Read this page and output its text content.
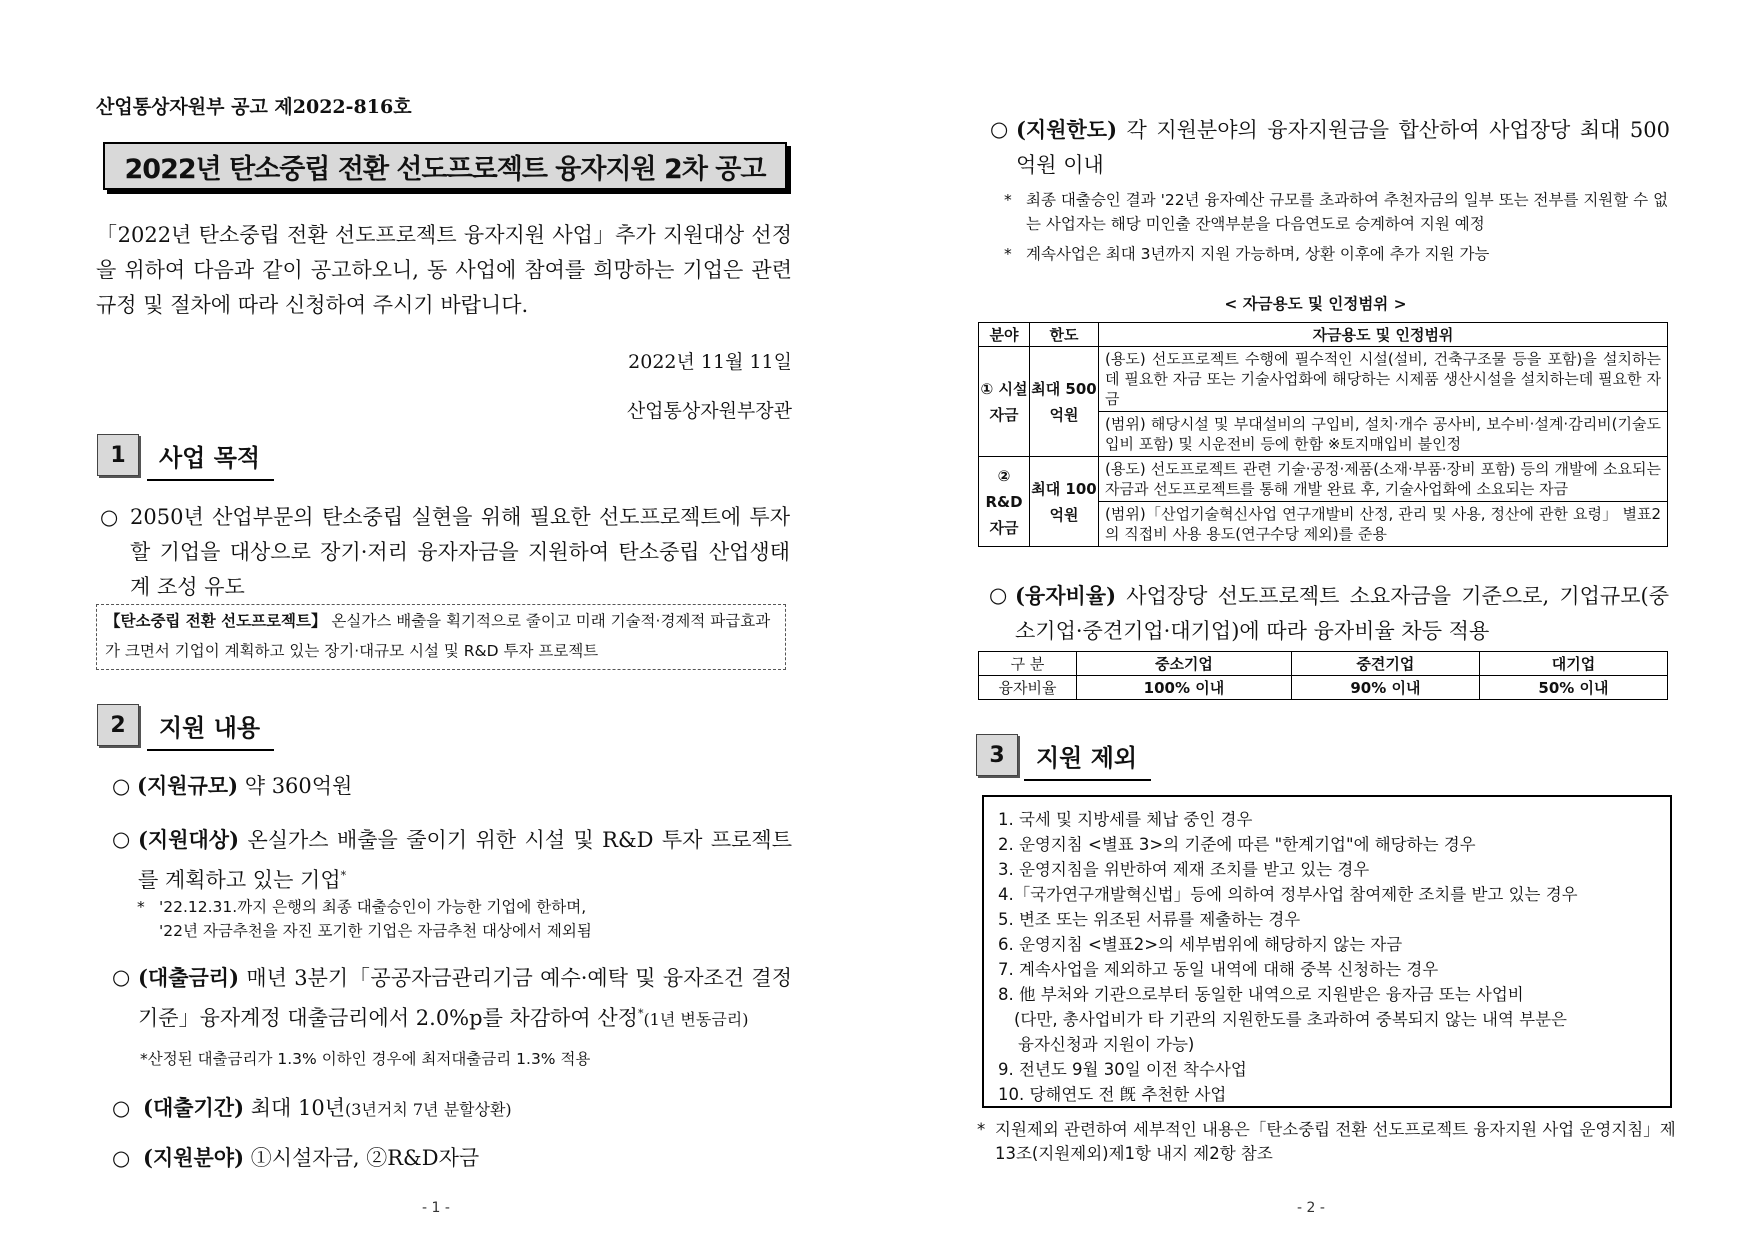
산업통상자원부 공고 제2022-816호
2022년 탄소중립 전환 선도프로젝트 융자지원 2차 공고
「2022년 탄소중립 전환 선도프로젝트 융자지원 사업」추가 지원대상 선정을 위하여 다음과 같이 공고하오니, 동 사업에 참여를 희망하는 기업은 관련 규정 및 절차에 따라 신청하여 주시기 바랍니다.
2022년 11월 11일
산업통상자원부장관
1	사업 목적
○ 2050년 산업부문의 탄소중립 실현을 위해 필요한 선도프로젝트에 투자할 기업을 대상으로 장기·저리 융자자금을 지원하여 탄소중립 산업생태계 조성 유도
【탄소중립 전환 선도프로젝트】 온실가스 배출을 획기적으로 줄이고 미래 기술적·경제적 파급효과가 크면서 기업이 계획하고 있는 장기·대규모 시설 및 R&D 투자 프로젝트
2	지원 내용
○ (지원규모) 약 360억원
○ (지원대상) 온실가스 배출을 줄이기 위한 시설 및 R&D 투자 프로젝트를 계획하고 있는 기업*
* '22.12.31.까지 은행의 최종 대출승인이 가능한 기업에 한하며,
'22년 자금추천을 자진 포기한 기업은 자금추천 대상에서 제외됨
○ (대출금리) 매년 3분기「공공자금관리기금 예수·예탁 및 융자조건 결정기준」융자계정 대출금리에서 2.0%p를 차감하여 산정*(1년 변동금리)
*산정된 대출금리가 1.3% 이하인 경우에 최저대출금리 1.3% 적용
○ (대출기간) 최대 10년(3년거치 7년 분할상환)
○ (지원분야) ①시설자금, ②R&D자금
- 1 -
○ (지원한도) 각 지원분야의 융자지원금을 합산하여 사업장당 최대 500억원 이내
* 최종 대출승인 결과 '22년 융자예산 규모를 초과하여 추천자금의 일부 또는 전부를 지원할 수 없는 사업자는 해당 미인출 잔액부분을 다음연도로 승계하여 지원 예정
* 계속사업은 최대 3년까지 지원 가능하며, 상환 이후에 추가 지원 가능
< 자금용도 및 인정범위 >
분야	한도	자금용도 및 인정범위
① 시설 자금	최대 500억원	(용도) 선도프로젝트 수행에 필수적인 시설(설비, 건축구조물 등을 포함)을 설치하는데 필요한 자금 또는 기술사업화에 해당하는 시제품 생산시설을 설치하는데 필요한 자금
		(범위) 해당시설 및 부대설비의 구입비, 설치·개수 공사비, 보수비·설계·감리비(기술도입비 포함) 및 시운전비 등에 한함 ※토지매입비 불인정
② R&D 자금	최대 100억원	(용도) 선도프로젝트 관련 기술·공정·제품(소재·부품·장비 포함) 등의 개발에 소요되는 자금과 선도프로젝트를 통해 개발 완료 후, 기술사업화에 소요되는 자금
		(범위)「산업기술혁신사업 연구개발비 산정, 관리 및 사용, 정산에 관한 요령」 별표2의 직접비 사용 용도(연구수당 제외)를 준용
○ (융자비율) 사업장당 선도프로젝트 소요자금을 기준으로, 기업규모(중소기업·중견기업·대기업)에 따라 융자비율 차등 적용
구 분	중소기업	중견기업	대기업
융자비율	100% 이내	90% 이내	50% 이내
3	지원 제외
- 2 -
1. 국세 및 지방세를 체납 중인 경우
2. 운영지침 <별표 3>의 기준에 따른 "한계기업"에 해당하는 경우
3. 운영지침을 위반하여 제재 조치를 받고 있는 경우
4.「국가연구개발혁신법」등에 의하여 정부사업 참여제한 조치를 받고 있는 경우
5. 변조 또는 위조된 서류를 제출하는 경우
6. 운영지침 <별표2>의 세부범위에 해당하지 않는 자금
7. 계속사업을 제외하고 동일 내역에 대해 중복 신청하는 경우
8. 他 부처와 기관으로부터 동일한 내역으로 지원받은 융자금 또는 사업비
(다만, 총사업비가 타 기관의 지원한도를 초과하여 중복되지 않는 내역 부분은
융자신청과 지원이 가능)
9. 전년도 9월 30일 이전 착수사업
10. 당해연도 전 旣 추천한 사업
* 지원제외 관련하여 세부적인 내용은「탄소중립 전환 선도프로젝트 융자지원 사업 운영지침」제13조(지원제외)제1항 내지 제2항 참조
